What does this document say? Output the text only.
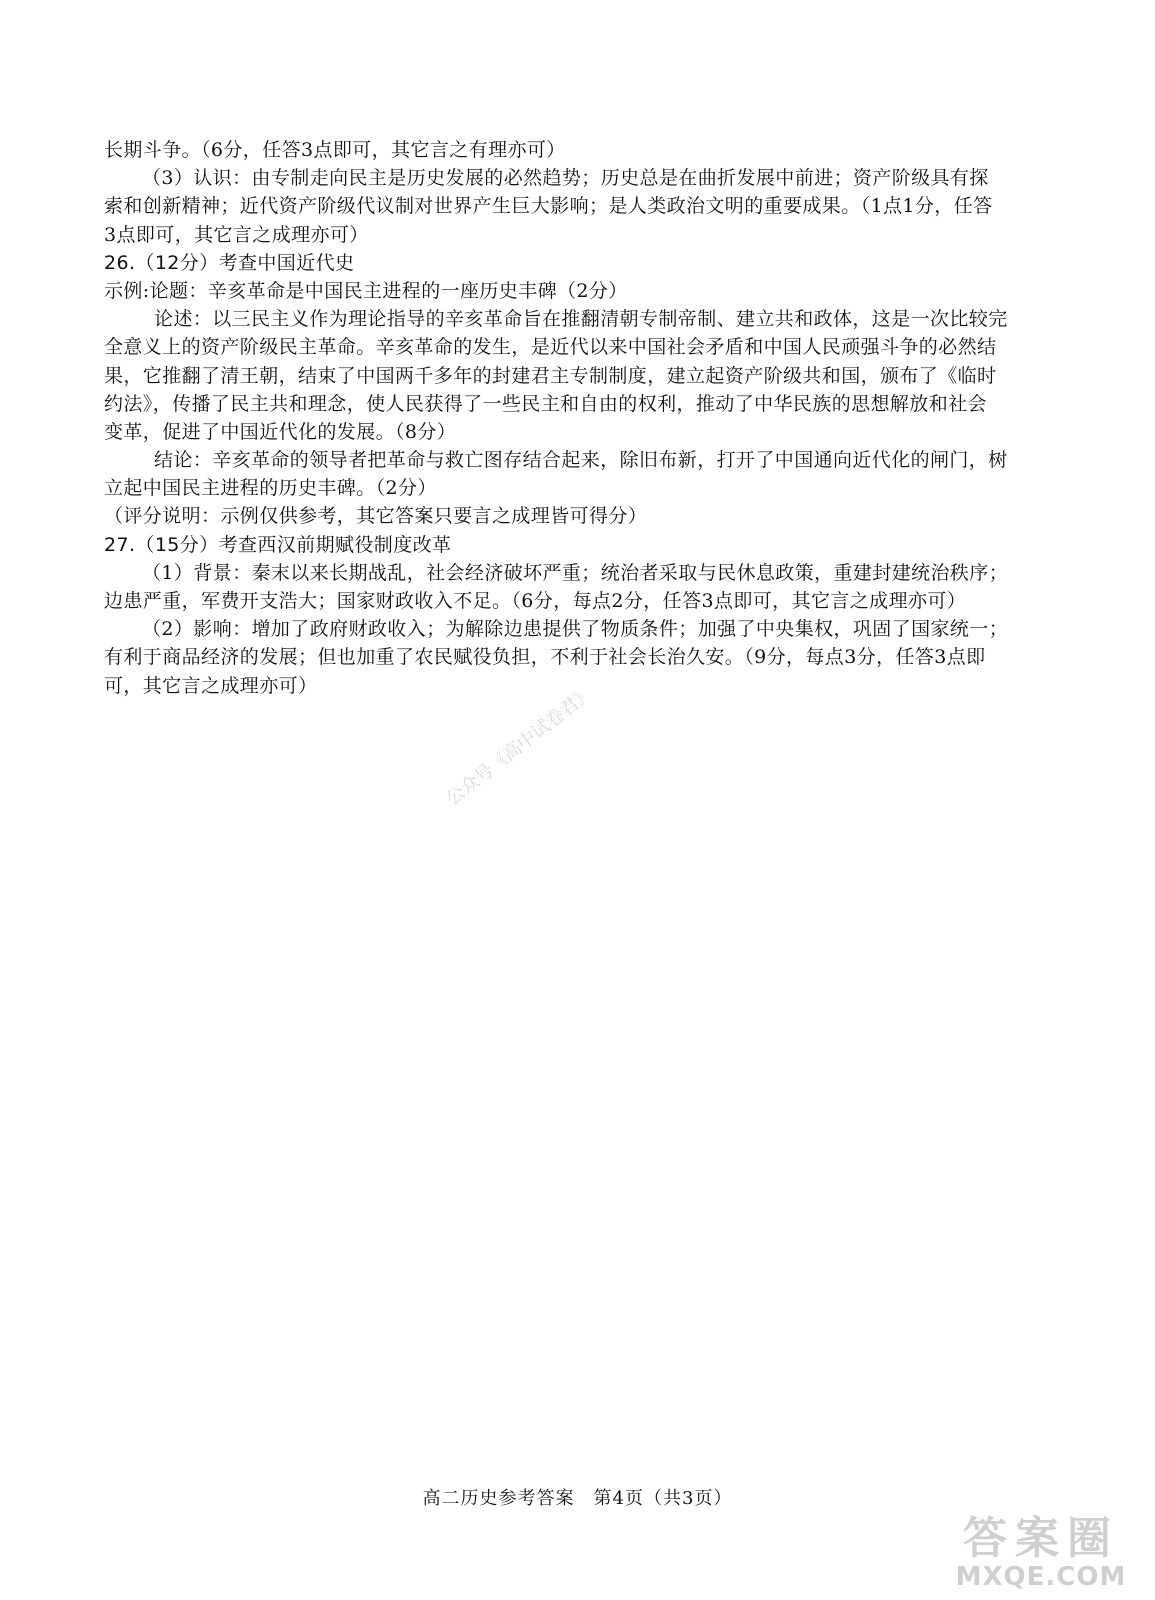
长期斗争。（6分，任答3点即可，其它言之有理亦可）
（3）认识：由专制走向民主是历史发展的必然趋势；历史总是在曲折发展中前进；资产阶级具有探
索和创新精神；近代资产阶级代议制对世界产生巨大影响；是人类政治文明的重要成果。（1点1分，任答
3点即可，其它言之成理亦可）
26.（12分）考查中国近代史
示例:论题：辛亥革命是中国民主进程的一座历史丰碑（2分）
论述：以三民主义作为理论指导的辛亥革命旨在推翻清朝专制帝制、建立共和政体，这是一次比较完
全意义上的资产阶级民主革命。辛亥革命的发生，是近代以来中国社会矛盾和中国人民顽强斗争的必然结
果，它推翻了清王朝，结束了中国两千多年的封建君主专制制度，建立起资产阶级共和国，颁布了《临时
约法》，传播了民主共和理念，使人民获得了一些民主和自由的权利，推动了中华民族的思想解放和社会
变革，促进了中国近代化的发展。（8分）
结论：辛亥革命的领导者把革命与救亡图存结合起来，除旧布新，打开了中国通向近代化的闸门，树
立起中国民主进程的历史丰碑。（2分）
（评分说明：示例仅供参考，其它答案只要言之成理皆可得分）
27.（15分）考查西汉前期赋役制度改革
（1）背景：秦末以来长期战乱，社会经济破坏严重；统治者采取与民休息政策，重建封建统治秩序；
边患严重，军费开支浩大；国家财政收入不足。（6分，每点2分，任答3点即可，其它言之成理亦可）
（2）影响：增加了政府财政收入；为解除边患提供了物质条件；加强了中央集权，巩固了国家统一；
有利于商品经济的发展；但也加重了农民赋役负担，不利于社会长治久安。（9分，每点3分，任答3点即
可，其它言之成理亦可）	公众号《高中试卷君》
高二历史参考答案　第4页（共3页）
答案圈
MXQE.COM
